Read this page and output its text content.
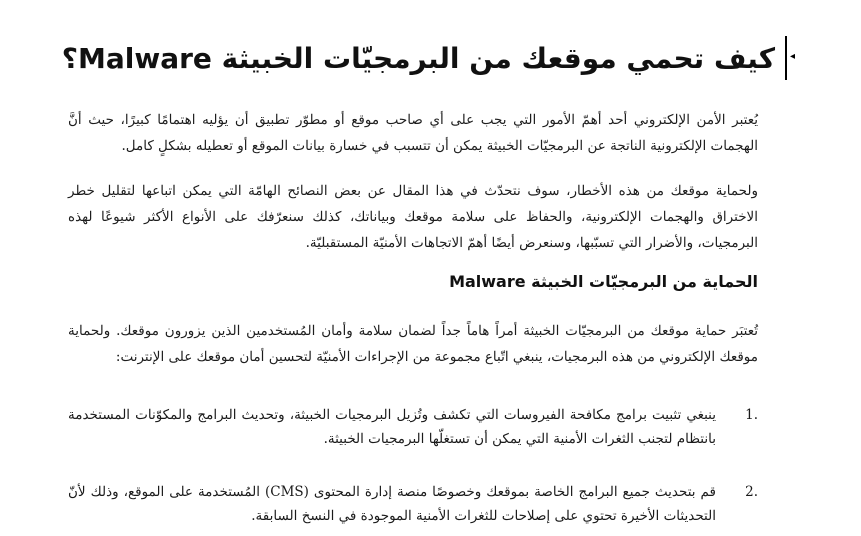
◂
كيف تحمي موقعك من البرمجيّات الخبيثة Malware؟

يُعتبر الأمن الإلكتروني أحد أهمّ الأمور التي يجب على أي صاحب موقع أو مطوّر تطبيق أن يؤليه اهتمامًا كبيرًا، حيث أنَّ الهجمات الإلكترونية الناتجة عن البرمجيّات الخبيثة يمكن أن تتسبب في خسارة بيانات الموقع أو تعطيله بشكلٍ كامل.

ولحماية موقعك من هذه الأخطار، سوف نتحدّث في هذا المقال عن بعض النصائح الهامّة التي يمكن اتباعها لتقليل خطر الاختراق والهجمات الإلكترونية، والحفاظ على سلامة موقعك وبياناتك، كذلك سنعرّفك على الأنواع الأكثر شيوعًا لهذه البرمجيات، والأضرار التي تسبّبها، وسنعرض أيضًا أهمّ الاتجاهات الأمنيّة المستقبليّة.

الحماية من البرمجيّات الخبيثة Malware

تُعتبَر حماية موقعك من البرمجيّات الخبيثة أمراً هاماً جداً لضمان سلامة وأمان المُستخدمين الذين يزورون موقعك. ولحماية موقعك الإلكتروني من هذه البرمجيات، ينبغي اتّباع مجموعة من الإجراءات الأمنيّة لتحسين أمان موقعك على الإنترنت:

1.

ينبغي تثبيت برامج مكافحة الفيروسات التي تكشف وتُزيل البرمجيات الخبيثة، وتحديث البرامج والمكوّنات المستخدمة بانتظام لتجنب الثغرات الأمنية التي يمكن أن تستغلّها البرمجيات الخبيثة.

2.

قم بتحديث جميع البرامج الخاصة بموقعك وخصوصًا منصة إدارة المحتوى (CMS) المُستخدمة على الموقع، وذلك لأنّ التحديثات الأخيرة تحتوي على إصلاحات للثغرات الأمنية الموجودة في النسخ السابقة.
